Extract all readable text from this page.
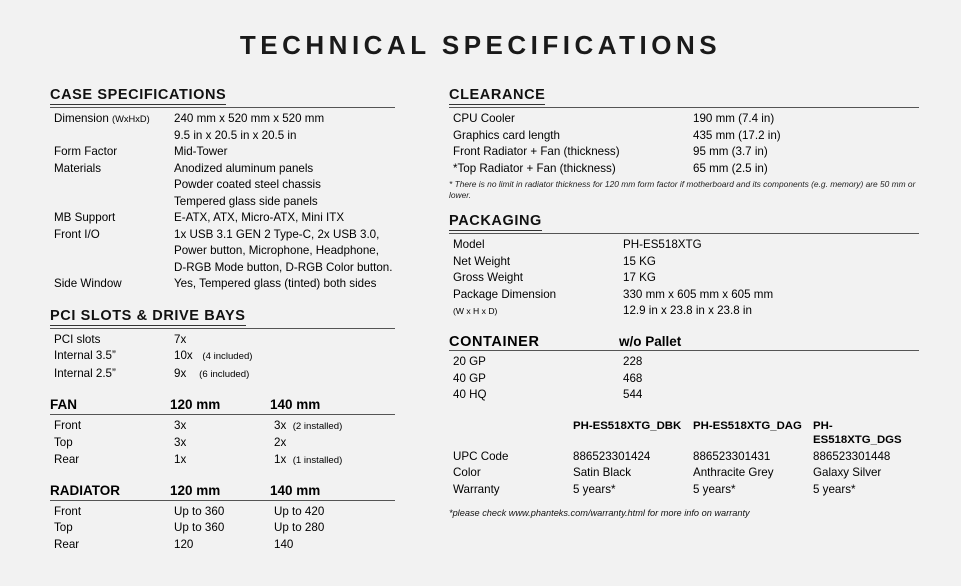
TECHNICAL SPECIFICATIONS
CASE SPECIFICATIONS
Dimension (WxHxD)	240 mm x 520 mm x 520 mm
	9.5 in x 20.5 in x 20.5 in
Form Factor	Mid-Tower
Materials	Anodized aluminum panels
	Powder coated steel chassis
	Tempered glass side panels
MB Support	E-ATX, ATX, Micro-ATX, Mini ITX
Front I/O	1x USB 3.1 GEN 2 Type-C, 2x USB 3.0,
	Power button, Microphone, Headphone,
	D-RGB Mode button, D-RGB Color button.
Side Window	Yes, Tempered glass (tinted) both sides
PCI SLOTS & DRIVE BAYS
PCI slots	7x
Internal 3.5”	10x (4 included)
Internal 2.5”	9x (6 included)
FAN	120 mm	140 mm
Front	3x	3x (2 installed)
Top	3x	2x
Rear	1x	1x (1 installed)
RADIATOR	120 mm	140 mm
Front	Up to 360	Up to 420
Top	Up to 360	Up to 280
Rear	120	140
CLEARANCE
CPU Cooler	190 mm (7.4 in)
Graphics card length	435 mm (17.2 in)
Front Radiator + Fan (thickness)	95 mm (3.7 in)
*Top Radiator + Fan (thickness)	65 mm (2.5 in)
* There is no limit in radiator thickness for 120 mm form factor if motherboard and its components (e.g. memory) are 50 mm or lower.
PACKAGING
Model	PH-ES518XTG
Net Weight	15 KG
Gross Weight	17 KG
Package Dimension	330 mm x 605 mm x 605 mm
(W x H x D)	12.9 in x 23.8 in x 23.8 in
CONTAINER	w/o Pallet
20 GP	228
40 GP	468
40 HQ	544
	PH-ES518XTG_DBK	PH-ES518XTG_DAG	PH-ES518XTG_DGS
UPC Code	886523301424	886523301431	886523301448
Color	Satin Black	Anthracite Grey	Galaxy Silver
Warranty	5 years*	5 years*	5 years*
*please check www.phanteks.com/warranty.html for more info on warranty
